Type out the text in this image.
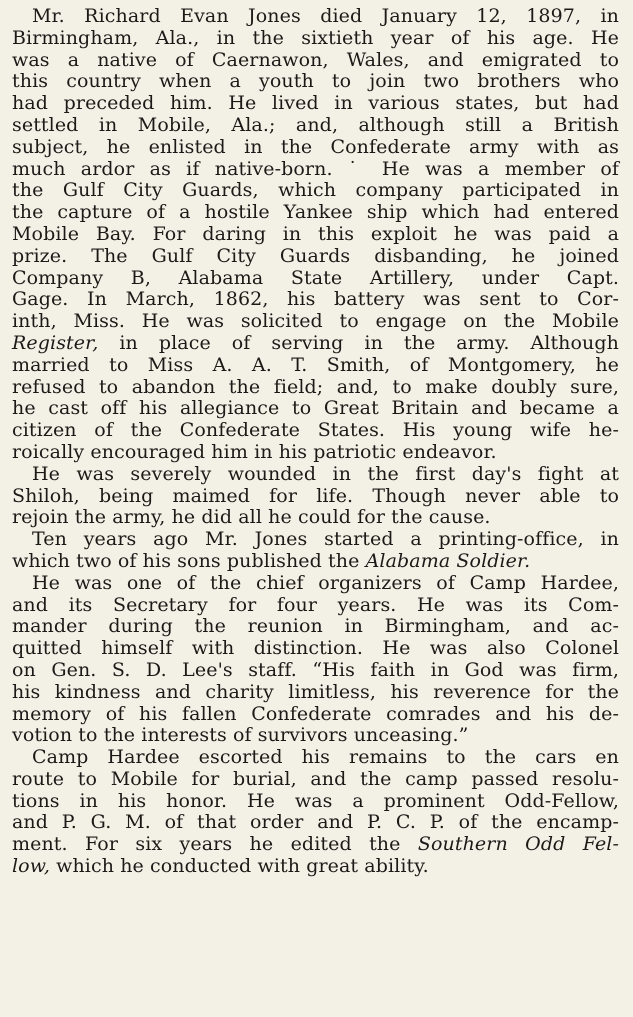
Mr. Richard Evan Jones died January 12, 1897, in
Birmingham, Ala., in the sixtieth year of his age. He
was a native of Caernawon, Wales, and emigrated to
this country when a youth to join two brothers who
had preceded him. He lived in various states, but had
settled in Mobile, Ala.; and, although still a British
subject, he enlisted in the Confederate army with as
much ardor as if native-born. ˙ He was a member of
the Gulf City Guards, which company participated in
the capture of a hostile Yankee ship which had entered
Mobile Bay. For daring in this exploit he was paid a
prize. The Gulf City Guards disbanding, he joined
Company B, Alabama State Artillery, under Capt.
Gage. In March, 1862, his battery was sent to Cor-
inth, Miss. He was solicited to engage on the Mobile
Register, in place of serving in the army. Although
married to Miss A. A. T. Smith, of Montgomery, he
refused to abandon the field; and, to make doubly sure,
he cast off his allegiance to Great Britain and became a
citizen of the Confederate States. His young wife he-
roically encouraged him in his patriotic endeavor.
He was severely wounded in the first day's fight at
Shiloh, being maimed for life. Though never able to
rejoin the army, he did all he could for the cause.
Ten years ago Mr. Jones started a printing-office, in
which two of his sons published the Alabama Soldier.
He was one of the chief organizers of Camp Hardee,
and its Secretary for four years. He was its Com-
mander during the reunion in Birmingham, and ac-
quitted himself with distinction. He was also Colonel
on Gen. S. D. Lee's staff. “His faith in God was firm,
his kindness and charity limitless, his reverence for the
memory of his fallen Confederate comrades and his de-
votion to the interests of survivors unceasing.”
Camp Hardee escorted his remains to the cars en
route to Mobile for burial, and the camp passed resolu-
tions in his honor. He was a prominent Odd-Fellow,
and P. G. M. of that order and P. C. P. of the encamp-
ment. For six years he edited the Southern Odd Fel-
low, which he conducted with great ability.
